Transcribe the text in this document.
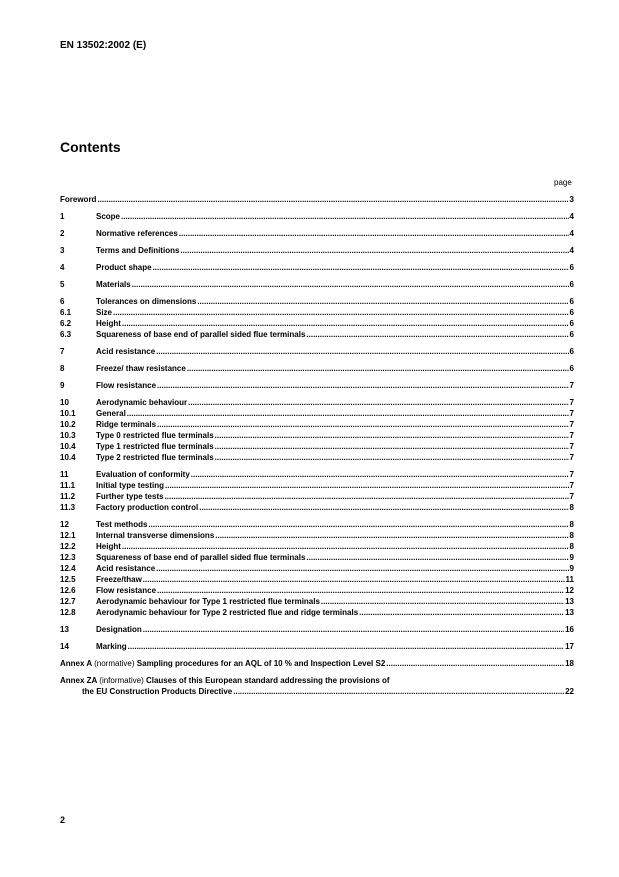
EN 13502:2002 (E)
Contents
page
Foreword .....	3
1	Scope .....	4
2	Normative references .....	4
3	Terms and Definitions .....	4
4	Product shape .....	6
5	Materials .....	6
6	Tolerances on dimensions .....	6
6.1	Size .....	6
6.2	Height .....	6
6.3	Squareness of base end of parallel sided flue terminals .....	6
7	Acid resistance .....	6
8	Freeze/ thaw resistance .....	6
9	Flow resistance .....	7
10	Aerodynamic behaviour .....	7
10.1	General .....	7
10.2	Ridge terminals .....	7
10.3	Type 0 restricted flue terminals .....	7
10.4	Type 1 restricted flue terminals .....	7
10.4	Type 2 restricted flue terminals .....	7
11	Evaluation of conformity .....	7
11.1	Initial type testing .....	7
11.2	Further type tests .....	7
11.3	Factory production control .....	8
12	Test methods .....	8
12.1	Internal transverse dimensions .....	8
12.2	Height .....	8
12.3	Squareness of base end of parallel sided flue terminals .....	9
12.4	Acid resistance .....	9
12.5	Freeze/thaw .....	11
12.6	Flow resistance .....	12
12.7	Aerodynamic behaviour for Type 1 restricted flue terminals .....	13
12.8	Aerodynamic behaviour for Type 2 restricted flue and ridge terminals .....	13
13	Designation .....	16
14	Marking .....	17
Annex A (normative) Sampling procedures for an AQL of 10 % and Inspection Level S2 .....	18
Annex ZA (informative) Clauses of this European standard addressing the provisions of
the EU Construction Products Directive .....	22
2
